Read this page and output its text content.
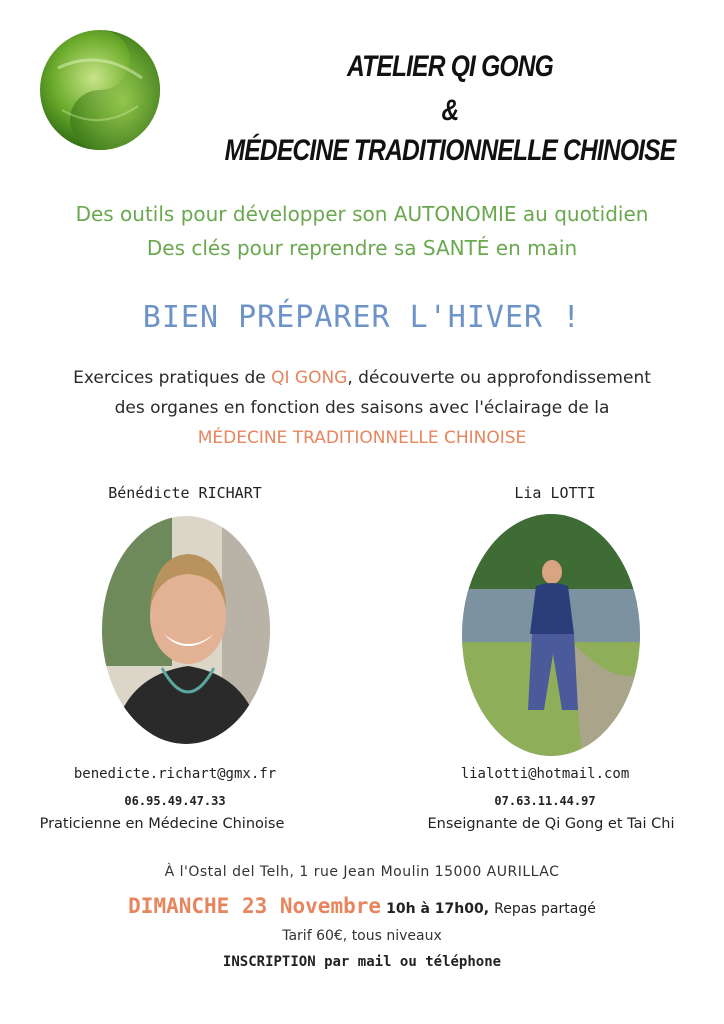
ATELIER QI GONG
&
MÉDECINE TRADITIONNELLE CHINOISE
Des outils pour développer son AUTONOMIE au quotidien
Des clés pour reprendre sa SANTÉ en main
BIEN PRÉPARER L'HIVER !
Exercices pratiques de QI GONG, découverte ou approfondissement
des organes en fonction des saisons avec l'éclairage de la
MÉDECINE TRADITIONNELLE CHINOISE
Bénédicte RICHART	Lia LOTTI
benedicte.richart@gmx.fr	lialotti@hotmail.com
06.95.49.47.33	07.63.11.44.97
Praticienne en Médecine Chinoise	Enseignante de Qi Gong et Tai Chi
À l'Ostal del Telh, 1 rue Jean Moulin 15000 AURILLAC
DIMANCHE 23 Novembre 10h à 17h00, Repas partagé
Tarif 60€, tous niveaux
INSCRIPTION par mail ou téléphone
